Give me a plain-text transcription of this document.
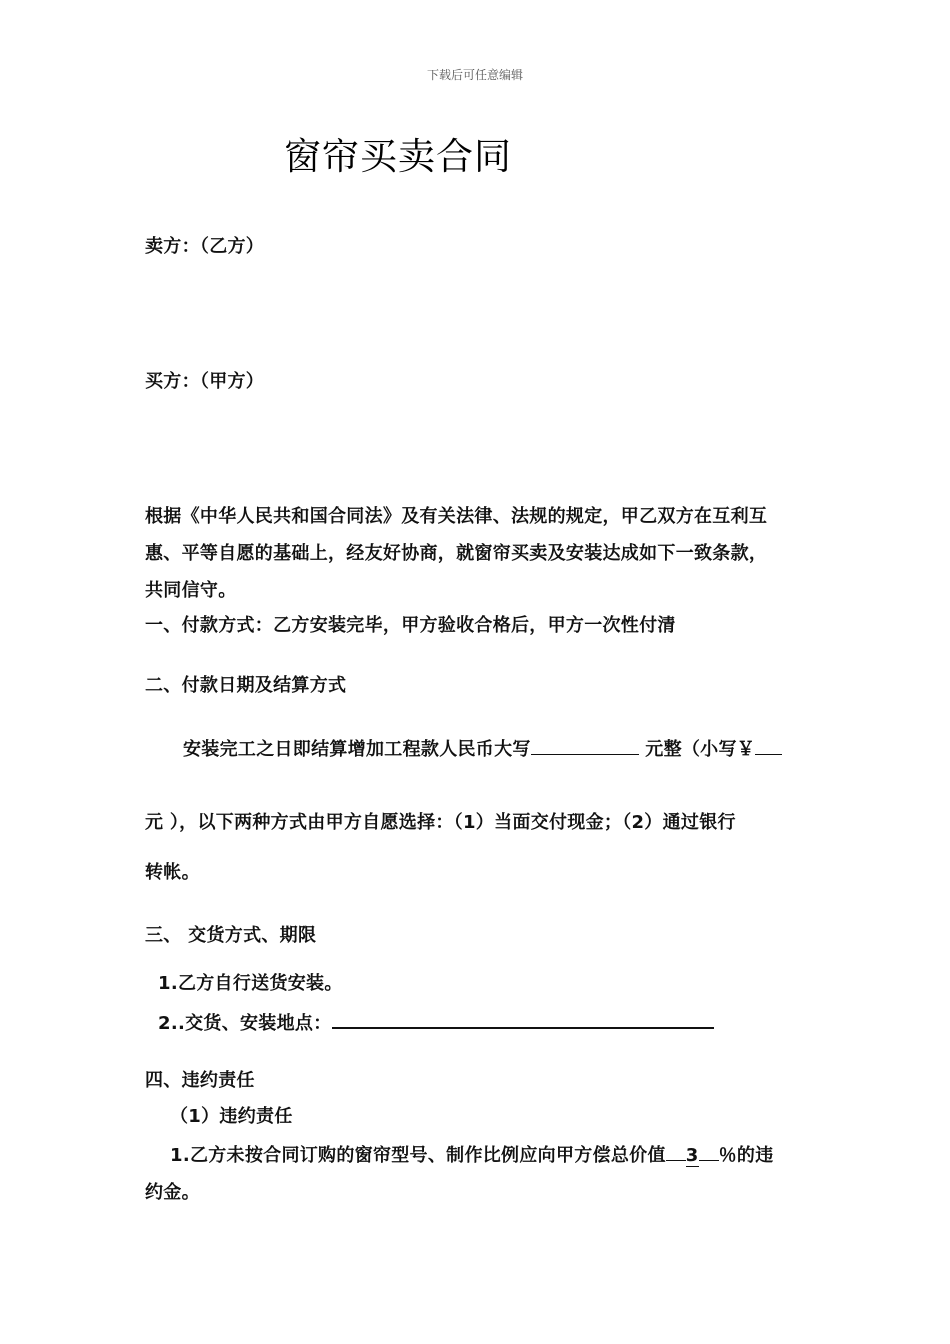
下载后可任意编辑
窗帘买卖合同
卖方：（乙方）
买方：（甲方）
根据《中华人民共和国合同法》及有关法律、法规的规定，甲乙双方在互利互
惠、平等自愿的基础上，经友好协商，就窗帘买卖及安装达成如下一致条款，
共同信守。
一、付款方式：乙方安装完毕，甲方验收合格后，甲方一次性付清
二、付款日期及结算方式
安装完工之日即结算增加工程款人民币大写	元整（小写￥
元 ），以下两种方式由甲方自愿选择：（1）当面交付现金；（2）通过银行
转帐。
三、 交货方式、期限
1.乙方自行送货安装。
2..交货、安装地点：
四、违约责任
（1）违约责任
1.乙方未按合同订购的窗帘型号、制作比例应向甲方偿总价值 3 ％的违
约金。
